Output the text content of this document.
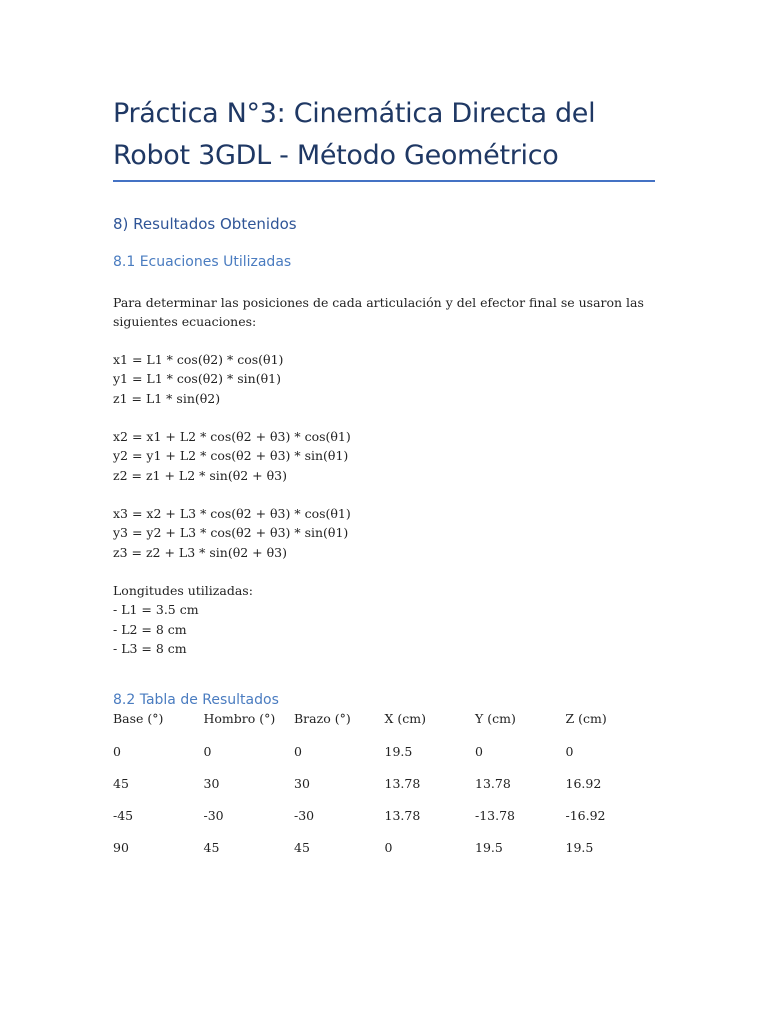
Práctica N°3: Cinemática Directa del
Robot 3GDL - Método Geométrico
8) Resultados Obtenidos
8.1 Ecuaciones Utilizadas

Para determinar las posiciones de cada articulación y del efector final se usaron las siguientes ecuaciones:

x1 = L1 * cos(θ2) * cos(θ1)
y1 = L1 * cos(θ2) * sin(θ1)
z1 = L1 * sin(θ2)
x2 = x1 + L2 * cos(θ2 + θ3) * cos(θ1)
y2 = y1 + L2 * cos(θ2 + θ3) * sin(θ1)
z2 = z1 + L2 * sin(θ2 + θ3)
x3 = x2 + L3 * cos(θ2 + θ3) * cos(θ1)
y3 = y2 + L3 * cos(θ2 + θ3) * sin(θ1)
z3 = z2 + L3 * sin(θ2 + θ3)
Longitudes utilizadas:
- L1 = 3.5 cm
- L2 = 8 cm
- L3 = 8 cm
8.2 Tabla de Resultados
Base (°)	Hombro (°)	Brazo (°)	X (cm)	Y (cm)	Z (cm)
0	0	0	19.5	0	0
45	30	30	13.78	13.78	16.92
-45	-30	-30	13.78	-13.78	-16.92
90	45	45	0	19.5	19.5
